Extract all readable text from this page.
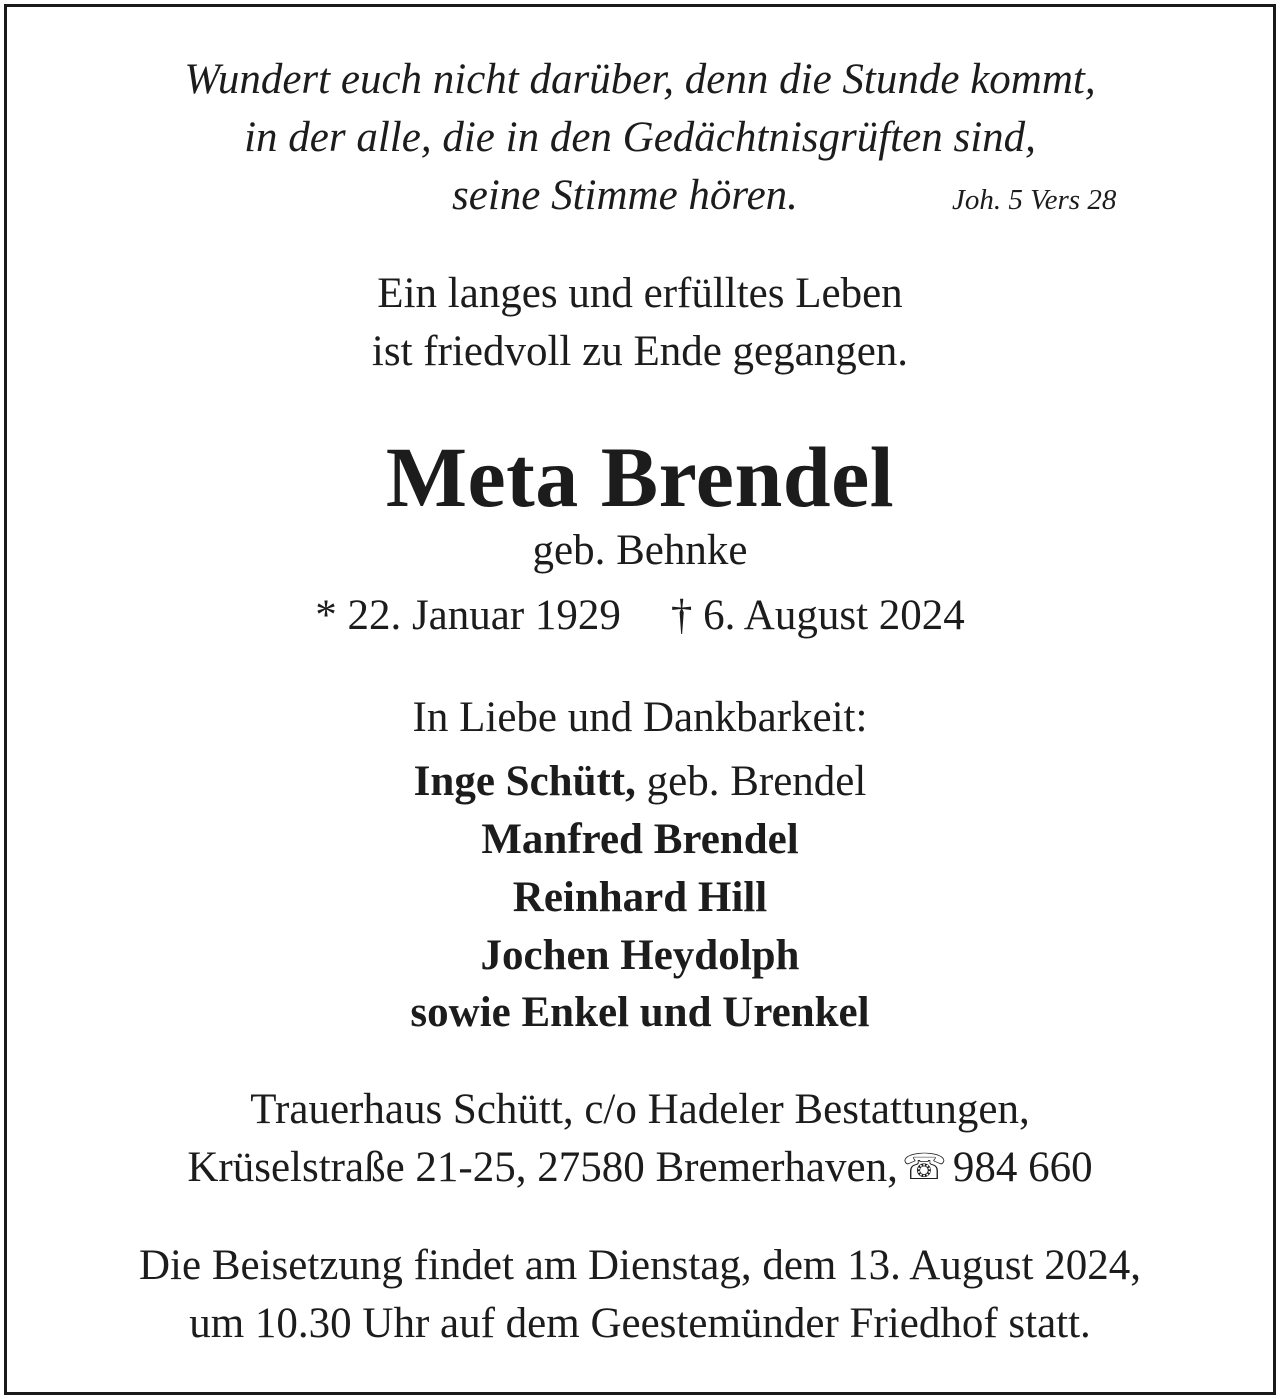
Wundert euch nicht darüber, denn die Stunde kommt,
in der alle, die in den Gedächtnisgrüften sind,
seine Stimme hören.	Joh. 5 Vers 28
Ein langes und erfülltes Leben
ist friedvoll zu Ende gegangen.
Meta Brendel
geb. Behnke
* 22. Januar 1929 † 6. August 2024
In Liebe und Dankbarkeit:
Inge Schütt, geb. Brendel
Manfred Brendel
Reinhard Hill
Jochen Heydolph
sowie Enkel und Urenkel
Trauerhaus Schütt, c/o Hadeler Bestattungen,
Krüselstraße 21-25, 27580 Bremerhaven, ☏ 984 660
Die Beisetzung findet am Dienstag, dem 13. August 2024,
um 10.30 Uhr auf dem Geestemünder Friedhof statt.
